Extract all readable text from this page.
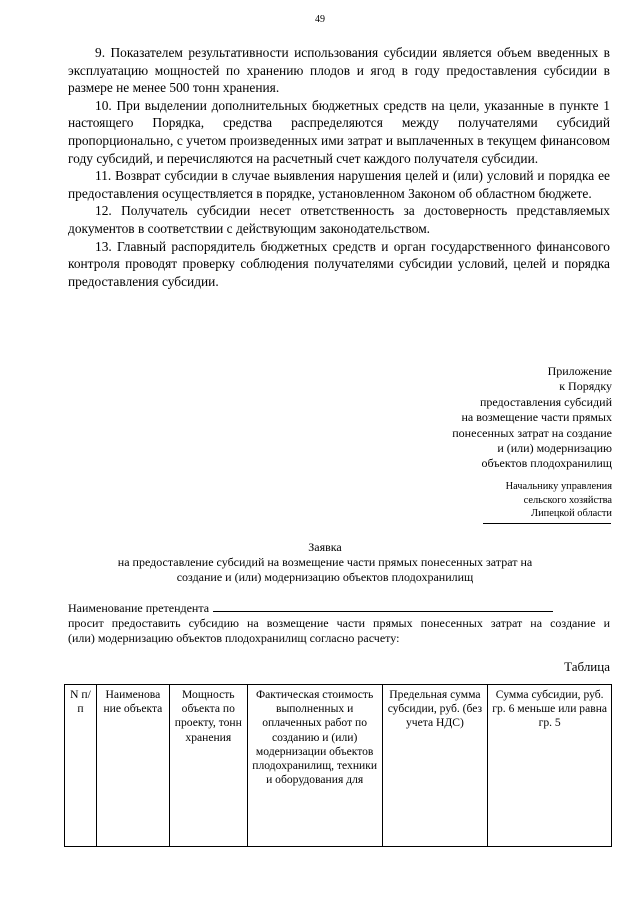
49

9. Показателем результативности использования субсидии является объем введенных в эксплуатацию мощностей по хранению плодов и ягод в году предоставления субсидии в размере не менее 500 тонн хранения.

10. При выделении дополнительных бюджетных средств на цели, указанные в пункте 1 настоящего Порядка, средства распределяются между получателями субсидий пропорционально, с учетом произведенных ими затрат и выплаченных в текущем финансовом году субсидий, и перечисляются на расчетный счет каждого получателя субсидии.

11. Возврат субсидии в случае выявления нарушения целей и (или) условий и порядка ее предоставления осуществляется в порядке, установленном Законом об областном бюджете.

12. Получатель субсидии несет ответственность за достоверность представляемых документов в соответствии с действующим законодательством.

13. Главный распорядитель бюджетных средств и орган государственного финансового контроля проводят проверку соблюдения получателями субсидии условий, целей и порядка предоставления субсидии.

Приложение
к Порядку
предоставления субсидий
на возмещение части прямых
понесенных затрат на создание
и (или) модернизацию
объектов плодохранилищ
Начальнику управления
сельского хозяйства
Липецкой области
Заявка
на предоставление субсидий на возмещение части прямых понесенных затрат на
создание и (или) модернизацию объектов плодохранилищ
Наименование претендента
просит предоставить субсидию на возмещение части прямых понесенных затрат на создание и
(или) модернизацию объектов плодохранилищ согласно расчету:
Таблица
N п/п	Наименова ние объекта	Мощность объекта по проекту, тонн хранения	Фактическая стоимость выполненных и оплаченных работ по созданию и (или) модернизации объектов плодохранилищ, техники и оборудования для	Предельная сумма субсидии, руб. (без учета НДС)	Сумма субсидии, руб. гр. 6 меньше или равна гр. 5
